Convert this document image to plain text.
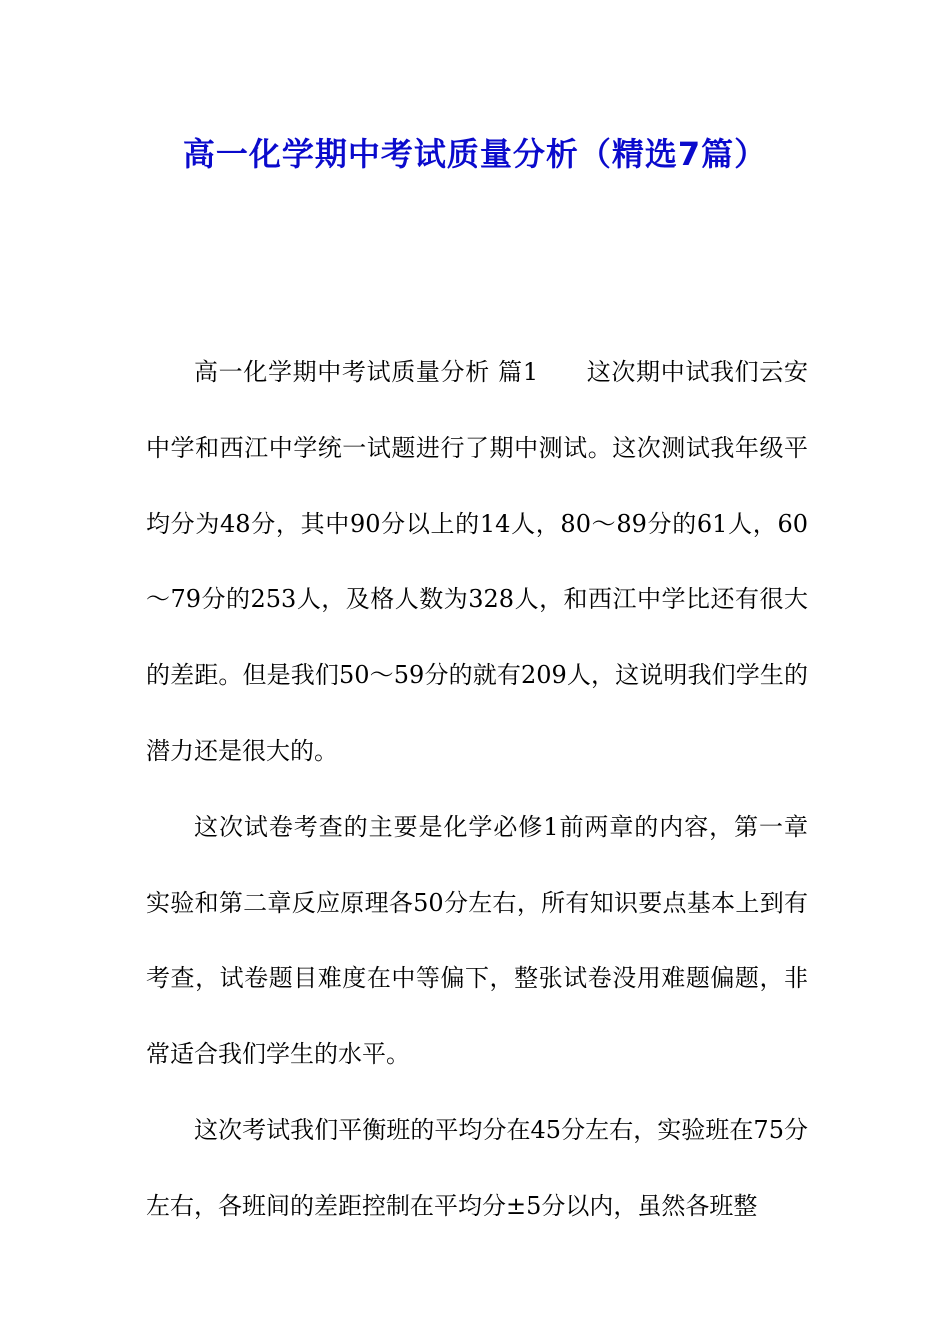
高一化学期中考试质量分析（精选7篇）

高一化学期中考试质量分析 篇1 这次期中试我们云安中学和西江中学统一试题进行了期中测试。这次测试我年级平均分为48分，其中90分以上的14人，80～89分的61人，60～79分的253人，及格人数为328人，和西江中学比还有很大的差距。但是我们50～59分的就有209人，这说明我们学生的潜力还是很大的。

这次试卷考查的主要是化学必修1前两章的内容，第一章实验和第二章反应原理各50分左右，所有知识要点基本上到有考查，试卷题目难度在中等偏下，整张试卷没用难题偏题，非常适合我们学生的水平。

这次考试我们平衡班的平均分在45分左右，实验班在75分左右，各班间的差距控制在平均分±5分以内，虽然各班整
